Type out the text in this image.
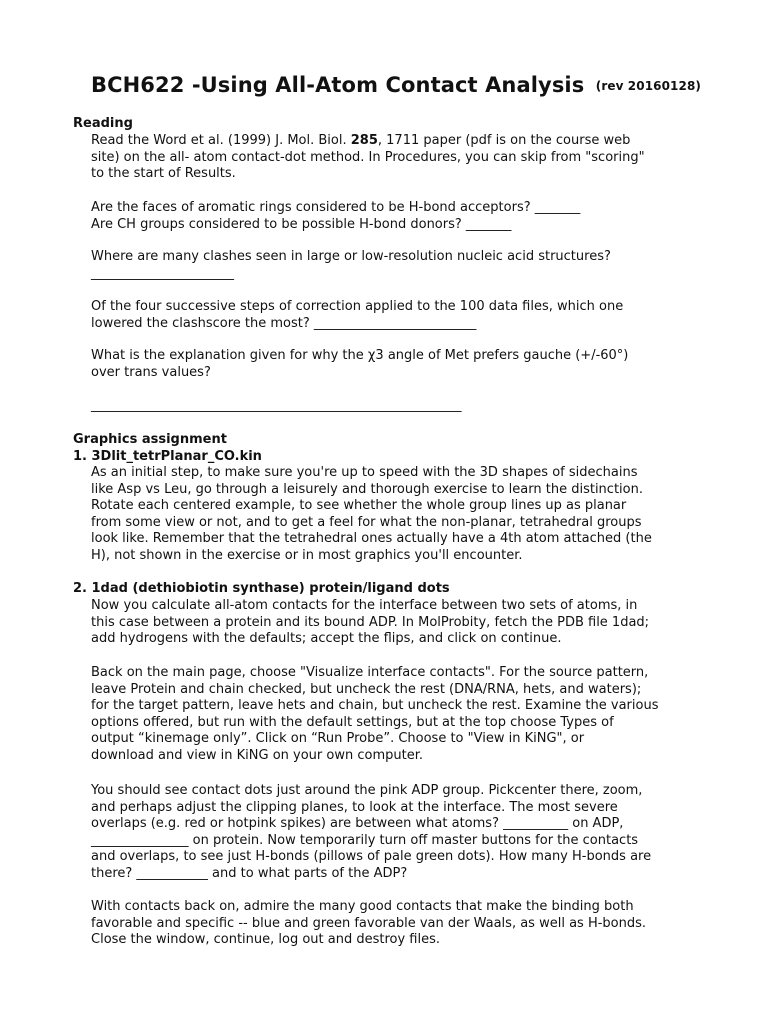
BCH622 -Using All-Atom Contact Analysis (rev 20160128)
Reading
Read the Word et al. (1999) J. Mol. Biol. 285, 1711 paper (pdf is on the course web
site) on the all- atom contact-dot method. In Procedures, you can skip from "scoring"
to the start of Results.
Are the faces of aromatic rings considered to be H-bond acceptors? _______
Are CH groups considered to be possible H-bond donors? _______
Where are many clashes seen in large or low-resolution nucleic acid structures?
______________________
Of the four successive steps of correction applied to the 100 data files, which one
lowered the clashscore the most? _________________________
What is the explanation given for why the χ3 angle of Met prefers gauche (+/-60°)
over trans values?
_________________________________________________________
Graphics assignment
1. 3Dlit_tetrPlanar_CO.kin
As an initial step, to make sure you're up to speed with the 3D shapes of sidechains
like Asp vs Leu, go through a leisurely and thorough exercise to learn the distinction.
Rotate each centered example, to see whether the whole group lines up as planar
from some view or not, and to get a feel for what the non-planar, tetrahedral groups
look like. Remember that the tetrahedral ones actually have a 4th atom attached (the
H), not shown in the exercise or in most graphics you'll encounter.
2. 1dad (dethiobiotin synthase) protein/ligand dots
Now you calculate all-atom contacts for the interface between two sets of atoms, in
this case between a protein and its bound ADP. In MolProbity, fetch the PDB file 1dad;
add hydrogens with the defaults; accept the flips, and click on continue.
Back on the main page, choose "Visualize interface contacts". For the source pattern,
leave Protein and chain checked, but uncheck the rest (DNA/RNA, hets, and waters);
for the target pattern, leave hets and chain, but uncheck the rest. Examine the various
options offered, but run with the default settings, but at the top choose Types of
output “kinemage only”. Click on “Run Probe”. Choose to "View in KiNG", or
download and view in KiNG on your own computer.
You should see contact dots just around the pink ADP group. Pickcenter there, zoom,
and perhaps adjust the clipping planes, to look at the interface. The most severe
overlaps (e.g. red or hotpink spikes) are between what atoms? __________ on ADP,
_______________ on protein. Now temporarily turn off master buttons for the contacts
and overlaps, to see just H-bonds (pillows of pale green dots). How many H-bonds are
there? ___________ and to what parts of the ADP?
With contacts back on, admire the many good contacts that make the binding both
favorable and specific -- blue and green favorable van der Waals, as well as H-bonds.
Close the window, continue, log out and destroy files.
